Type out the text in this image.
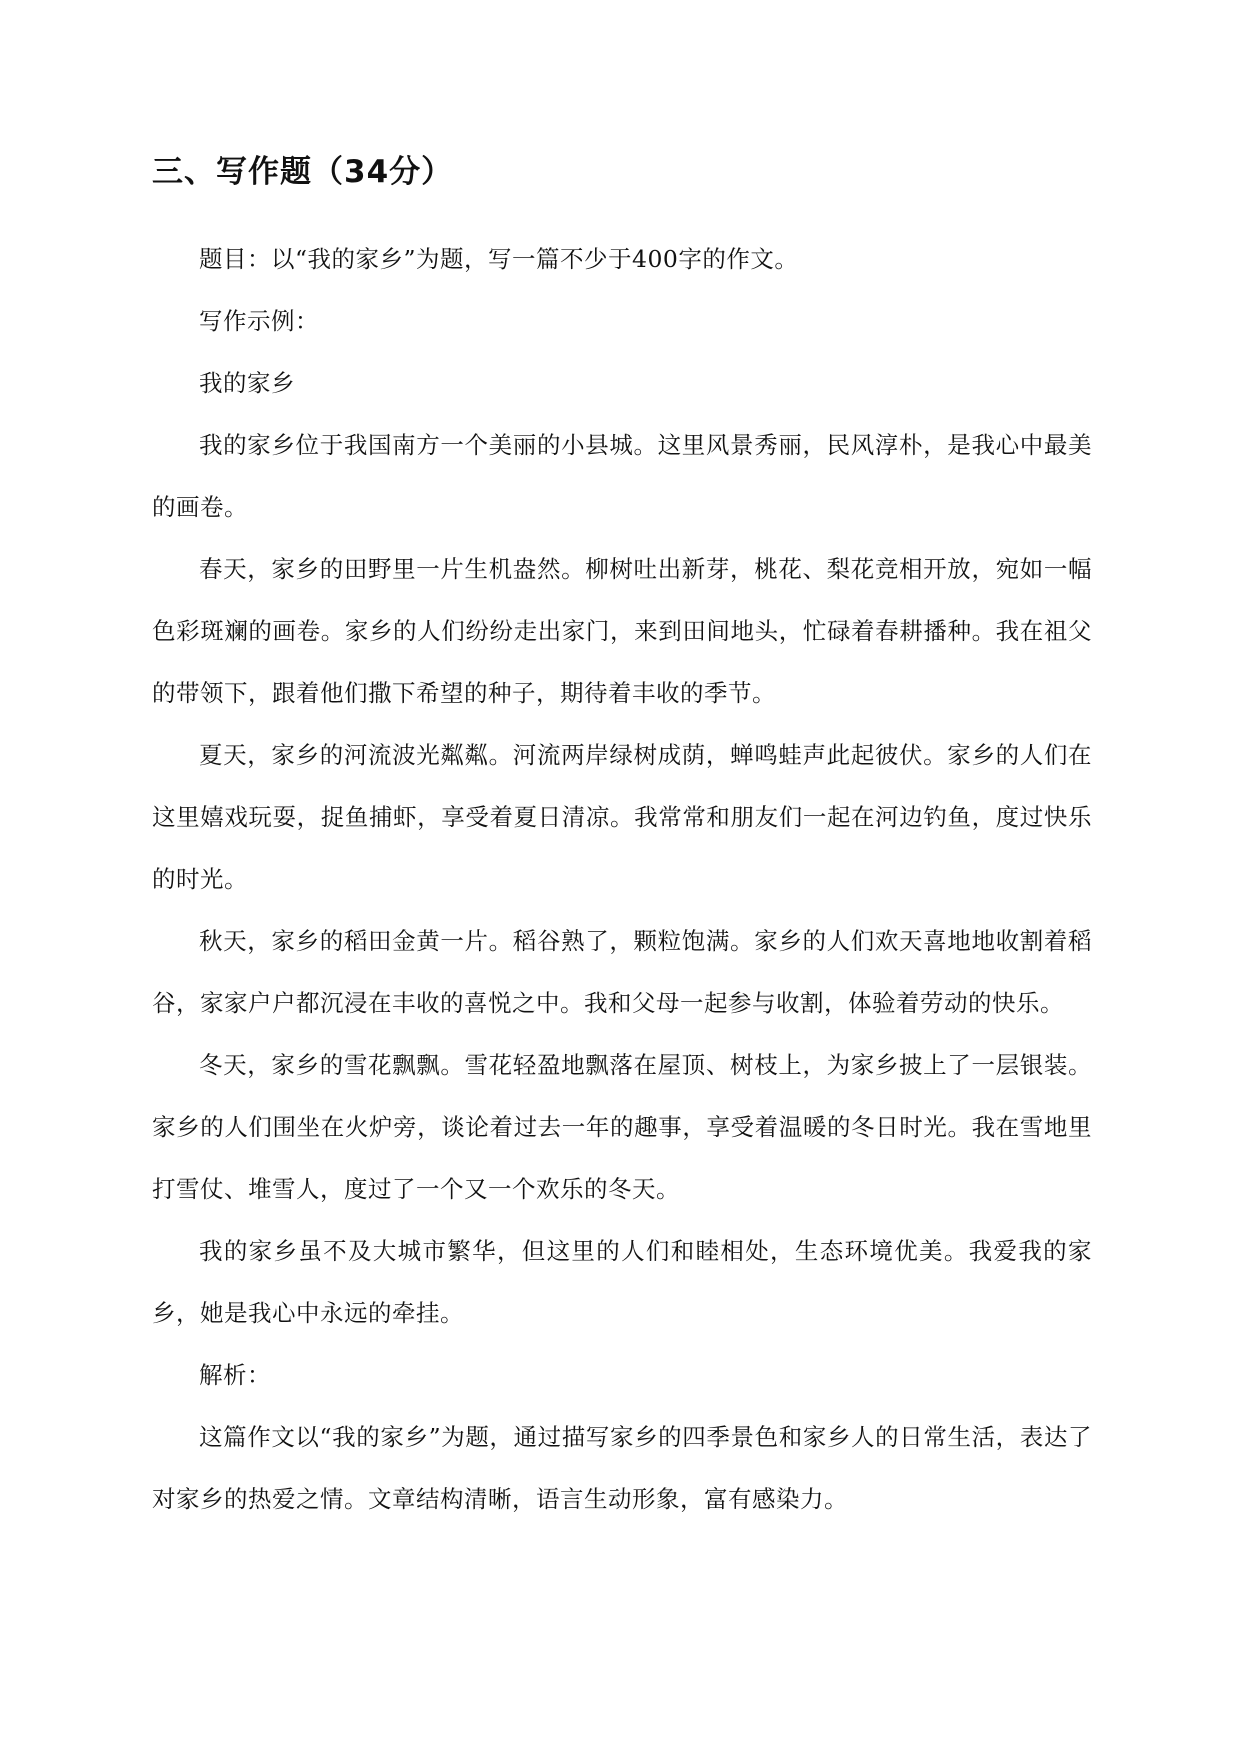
三、写作题（34分）

题目：以“我的家乡”为题，写一篇不少于400字的作文。

写作示例：

我的家乡

我的家乡位于我国南方一个美丽的小县城。这里风景秀丽，民风淳朴，是我心中最美的画卷。

春天，家乡的田野里一片生机盎然。柳树吐出新芽，桃花、梨花竞相开放，宛如一幅色彩斑斓的画卷。家乡的人们纷纷走出家门，来到田间地头，忙碌着春耕播种。我在祖父的带领下，跟着他们撒下希望的种子，期待着丰收的季节。

夏天，家乡的河流波光粼粼。河流两岸绿树成荫，蝉鸣蛙声此起彼伏。家乡的人们在这里嬉戏玩耍，捉鱼捕虾，享受着夏日清凉。我常常和朋友们一起在河边钓鱼，度过快乐的时光。

秋天，家乡的稻田金黄一片。稻谷熟了，颗粒饱满。家乡的人们欢天喜地地收割着稻谷，家家户户都沉浸在丰收的喜悦之中。我和父母一起参与收割，体验着劳动的快乐。

冬天，家乡的雪花飘飘。雪花轻盈地飘落在屋顶、树枝上，为家乡披上了一层银装。家乡的人们围坐在火炉旁，谈论着过去一年的趣事，享受着温暖的冬日时光。我在雪地里打雪仗、堆雪人，度过了一个又一个欢乐的冬天。

我的家乡虽不及大城市繁华，但这里的人们和睦相处，生态环境优美。我爱我的家乡，她是我心中永远的牵挂。

解析：

这篇作文以“我的家乡”为题，通过描写家乡的四季景色和家乡人的日常生活，表达了对家乡的热爱之情。文章结构清晰，语言生动形象，富有感染力。
